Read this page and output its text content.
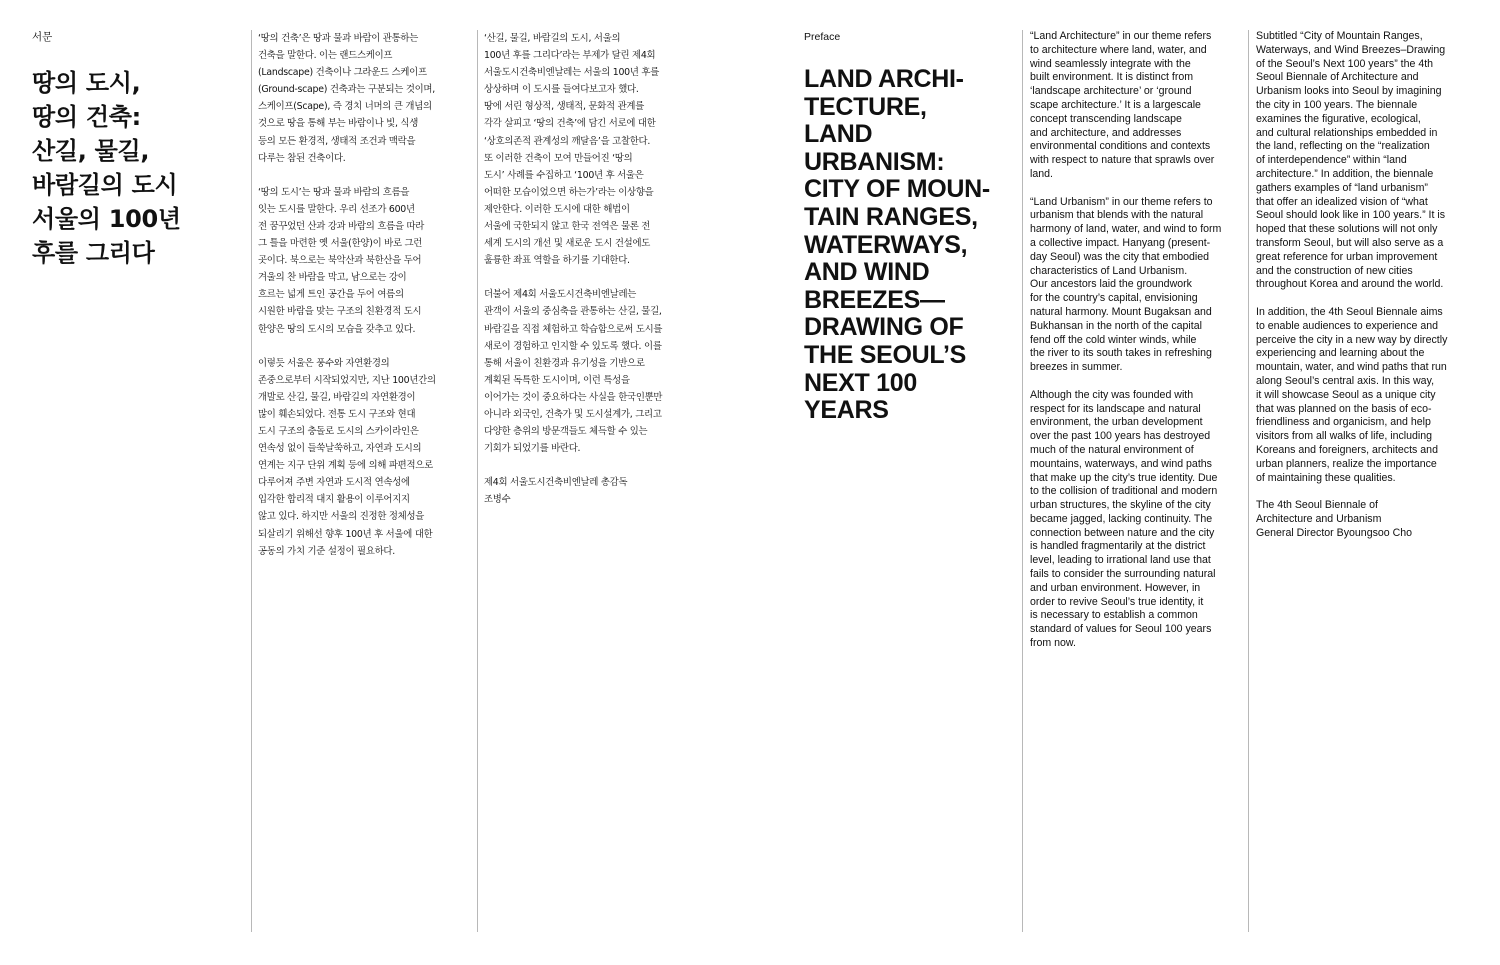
서문
땅의 도시,
땅의 건축:
산길, 물길,
바람길의 도시
서울의 100년
후를 그리다

‘땅의 건축’은 땅과 물과 바람이 관통하는
건축을 말한다. 이는 랜드스케이프
(Landscape) 건축이나 그라운드 스케이프
(Ground-scape) 건축과는 구분되는 것이며,
스케이프(Scape), 즉 경치 너머의 큰 개념의
것으로 땅을 통해 부는 바람이나 빛, 식생
등의 모든 환경적, 생태적 조건과 맥락을
다루는 참된 건축이다.

‘땅의 도시’는 땅과 물과 바람의 흐름을
잇는 도시를 말한다. 우리 선조가 600년
전 꿈꾸었던 산과 강과 바람의 흐름을 따라
그 틀을 마련한 옛 서울(한양)이 바로 그런
곳이다. 북으로는 북악산과 북한산을 두어
겨울의 찬 바람을 막고, 남으로는 강이
흐르는 넓게 트인 공간을 두어 여름의
시원한 바람을 맞는 구조의 친환경적 도시
한양은 땅의 도시의 모습을 갖추고 있다.

이렇듯 서울은 풍수와 자연환경의
존중으로부터 시작되었지만, 지난 100년간의
개발로 산길, 물길, 바람길의 자연환경이
많이 훼손되었다. 전통 도시 구조와 현대
도시 구조의 충돌로 도시의 스카이라인은
연속성 없이 들쑥날쑥하고, 자연과 도시의
연계는 지구 단위 계획 등에 의해 파편적으로
다루어져 주변 자연과 도시적 연속성에
입각한 합리적 대지 활용이 이루어지지
않고 있다. 하지만 서울의 진정한 정체성을
되살리기 위해선 향후 100년 후 서울에 대한
공동의 가치 기준 설정이 필요하다.

‘산길, 물길, 바람길의 도시, 서울의
100년 후를 그리다’라는 부제가 달린 제4회
서울도시건축비엔날레는 서울의 100년 후를
상상하며 이 도시를 들여다보고자 했다.
땅에 서린 형상적, 생태적, 문화적 관계를
각각 살피고 ‘땅의 건축’에 담긴 서로에 대한
‘상호의존적 관계성의 깨달음’을 고찰한다.
또 이러한 건축이 모여 만들어진 ‘땅의
도시’ 사례를 수집하고 ‘100년 후 서울은
어떠한 모습이었으면 하는가’라는 이상향을
제안한다. 이러한 도시에 대한 해법이
서울에 국한되지 않고 한국 전역은 물론 전
세계 도시의 개선 및 새로운 도시 건설에도
훌륭한 좌표 역할을 하기를 기대한다.

더불어 제4회 서울도시건축비엔날레는
관객이 서울의 중심축을 관통하는 산길, 물길,
바람길을 직접 체험하고 학습함으로써 도시를
새로이 경험하고 인지할 수 있도록 했다. 이를
통해 서울이 친환경과 유기성을 기반으로
계획된 독특한 도시이며, 이런 특성을
이어가는 것이 중요하다는 사실을 한국인뿐만
아니라 외국인, 건축가 및 도시설계가, 그리고
다양한 층위의 방문객들도 체득할 수 있는
기회가 되었기를 바란다.

제4회 서울도시건축비엔날레 총감독
조병수

Preface
LAND ARCHI-
TECTURE,
LAND
URBANISM:
CITY OF MOUN-
TAIN RANGES,
WATERWAYS,
AND WIND
BREEZES—
DRAWING OF
THE SEOUL’S
NEXT 100
YEARS

“Land Architecture” in our theme refers
to architecture where land, water, and
wind seamlessly integrate with the
built environment. It is distinct from
‘landscape architecture’ or ‘ground
scape architecture.’ It is a largescale
concept transcending landscape
and architecture, and addresses
environmental conditions and contexts
with respect to nature that sprawls over
land.

“Land Urbanism” in our theme refers to
urbanism that blends with the natural
harmony of land, water, and wind to form
a collective impact. Hanyang (present-
day Seoul) was the city that embodied
characteristics of Land Urbanism.
Our ancestors laid the groundwork
for the country’s capital, envisioning
natural harmony. Mount Bugaksan and
Bukhansan in the north of the capital
fend off the cold winter winds, while
the river to its south takes in refreshing
breezes in summer.

Although the city was founded with
respect for its landscape and natural
environment, the urban development
over the past 100 years has destroyed
much of the natural environment of
mountains, waterways, and wind paths
that make up the city’s true identity. Due
to the collision of traditional and modern
urban structures, the skyline of the city
became jagged, lacking continuity. The
connection between nature and the city
is handled fragmentarily at the district
level, leading to irrational land use that
fails to consider the surrounding natural
and urban environment. However, in
order to revive Seoul’s true identity, it
is necessary to establish a common
standard of values for Seoul 100 years
from now.

Subtitled “City of Mountain Ranges,
Waterways, and Wind Breezes–Drawing
of the Seoul’s Next 100 years” the 4th
Seoul Biennale of Architecture and
Urbanism looks into Seoul by imagining
the city in 100 years. The biennale
examines the figurative, ecological,
and cultural relationships embedded in
the land, reflecting on the “realization
of interdependence” within “land
architecture.” In addition, the biennale
gathers examples of “land urbanism”
that offer an idealized vision of “what
Seoul should look like in 100 years.” It is
hoped that these solutions will not only
transform Seoul, but will also serve as a
great reference for urban improvement
and the construction of new cities
throughout Korea and around the world.

In addition, the 4th Seoul Biennale aims
to enable audiences to experience and
perceive the city in a new way by directly
experiencing and learning about the
mountain, water, and wind paths that run
along Seoul’s central axis. In this way,
it will showcase Seoul as a unique city
that was planned on the basis of eco-
friendliness and organicism, and help
visitors from all walks of life, including
Koreans and foreigners, architects and
urban planners, realize the importance
of maintaining these qualities.

The 4th Seoul Biennale of
Architecture and Urbanism
General Director Byoungsoo Cho
